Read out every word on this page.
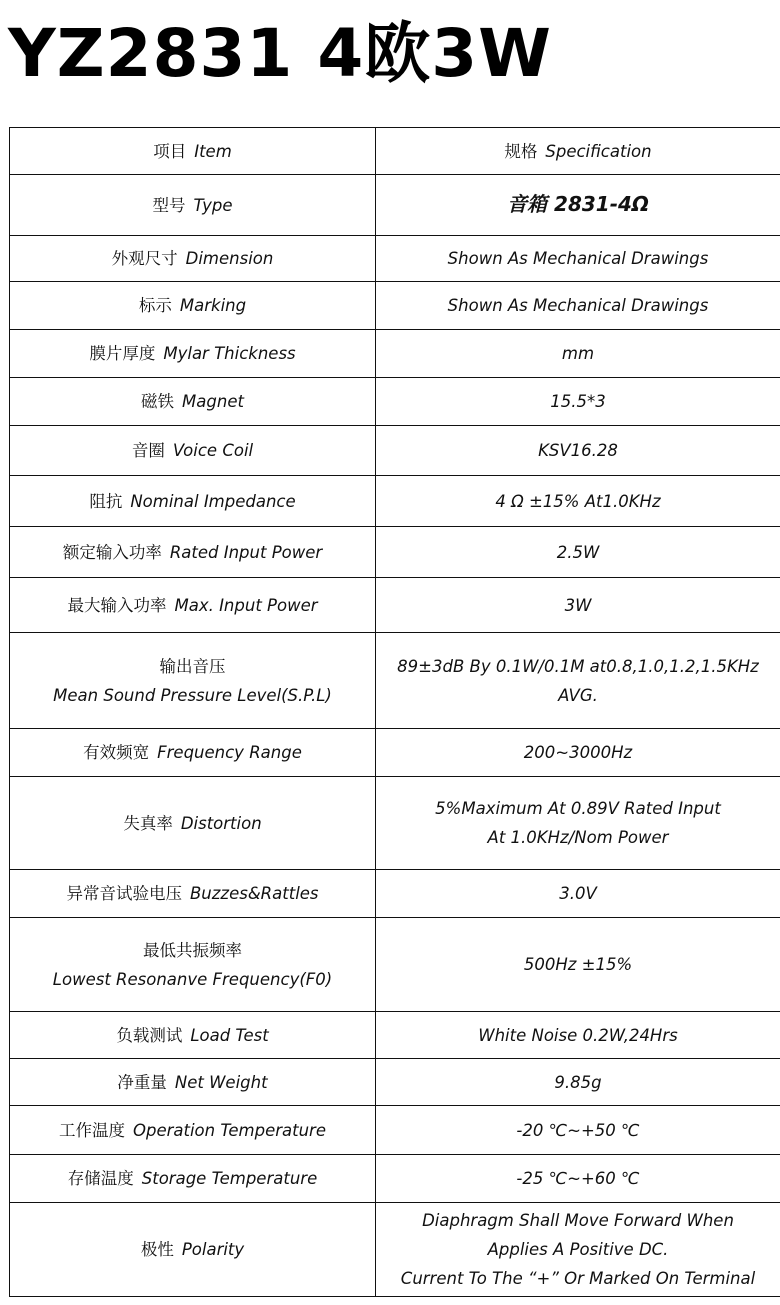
YZ2831 4欧3W
项目 Item	规格 Specification
型号 Type	音箱 2831-4Ω
外观尺寸 Dimension	Shown As Mechanical Drawings

标示 Marking	Shown As Mechanical Drawings

膜片厚度 Mylar Thickness	mm

磁铁 Magnet	15.5*3

音圈 Voice Coil	KSV16.28

阻抗 Nominal Impedance	4 Ω ±15% At1.0KHz

额定输入功率 Rated Input Power	2.5W

最大输入功率 Max. Input Power	3W

输出音压
Mean Sound Pressure Level(S.P.L)	89±3dB By 0.1W/0.1M at0.8,1.0,1.2,1.5KHz
AVG.

有效频宽 Frequency Range	200~3000Hz

失真率 Distortion	5%Maximum At 0.89V Rated Input
At 1.0KHz/Nom Power

异常音试验电压 Buzzes&Rattles	3.0V

最低共振频率
Lowest Resonanve Frequency(F0)	500Hz ±15%

负载测试 Load Test	White Noise 0.2W,24Hrs

净重量 Net Weight	9.85g

工作温度 Operation Temperature	-20 ℃~+50 ℃

存储温度 Storage Temperature	-25 ℃~+60 ℃

极性 Polarity	Diaphragm Shall Move Forward When
Applies A Positive DC.
Current To The “+” Or Marked On Terminal
